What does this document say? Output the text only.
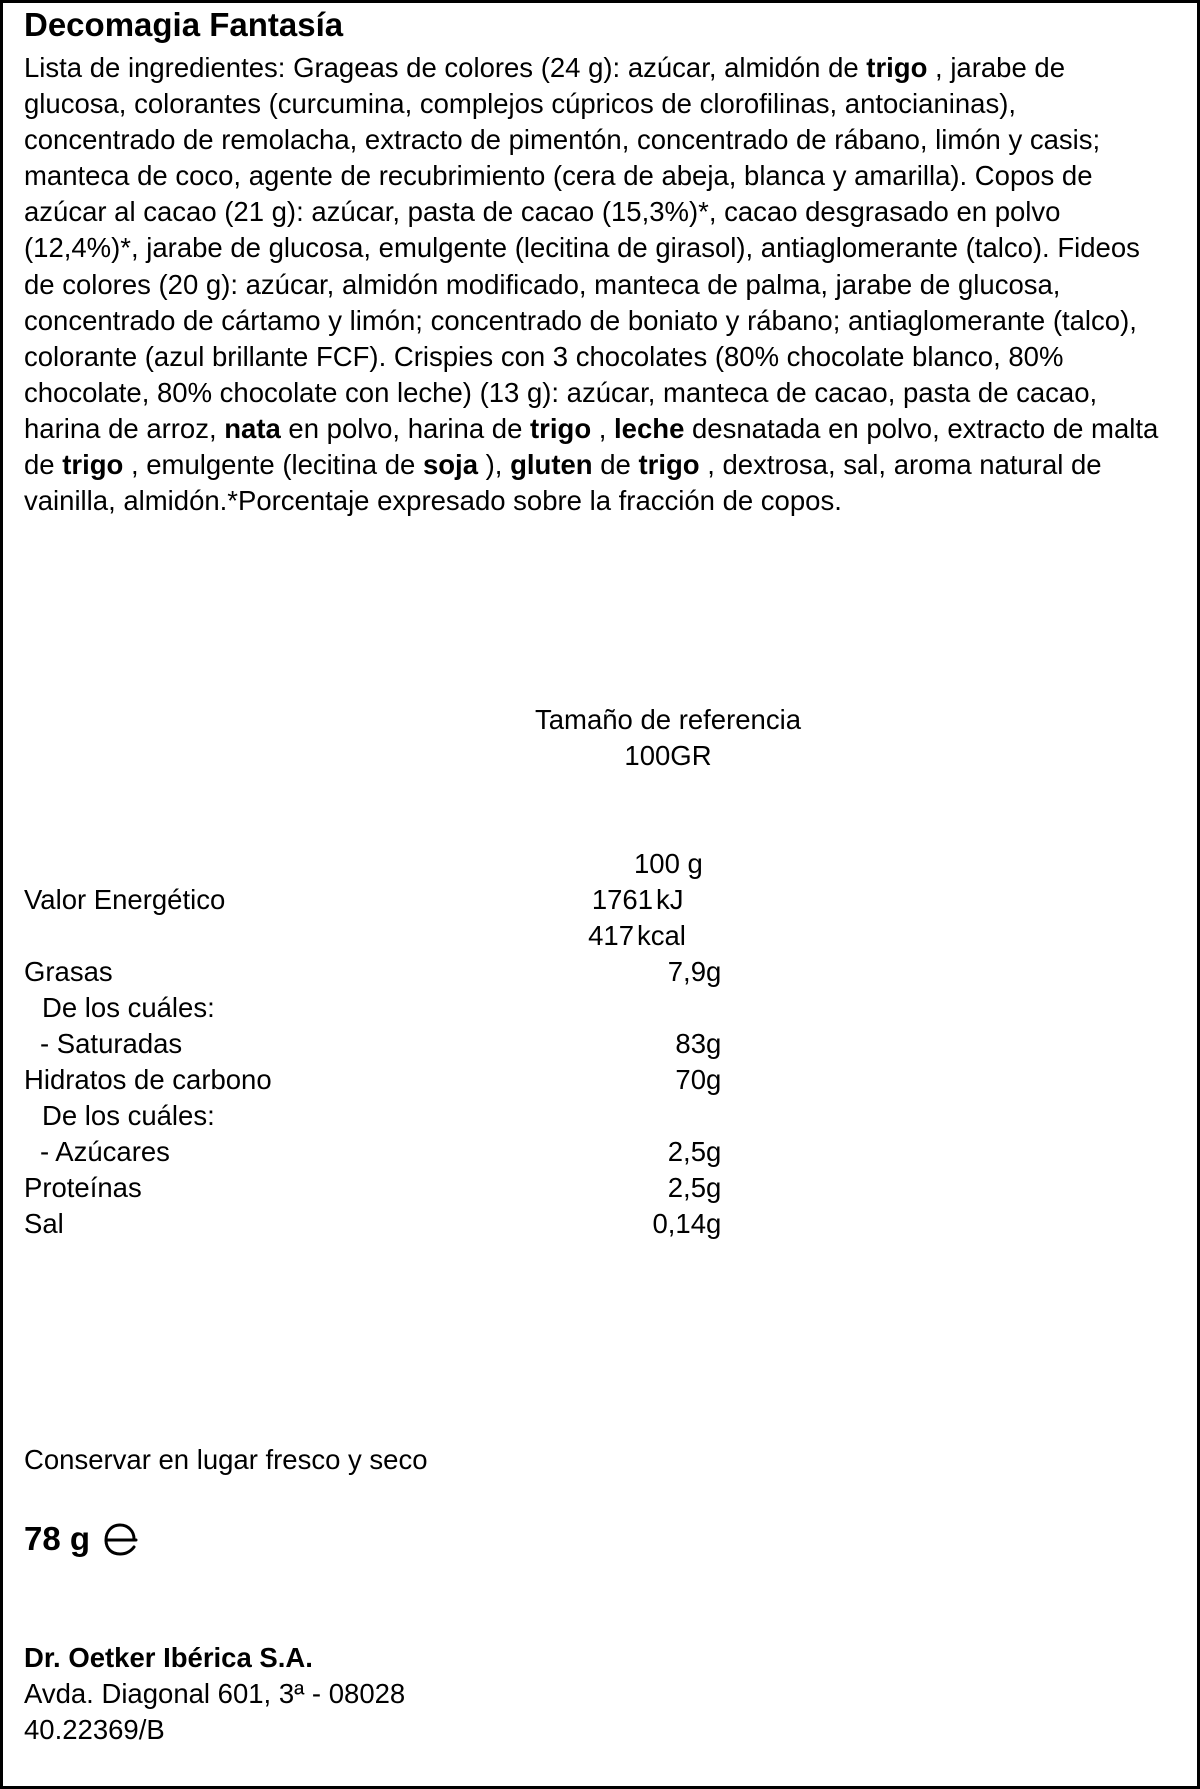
Decomagia Fantasía
Lista de ingredientes: Grageas de colores (24 g): azúcar, almidón de trigo , jarabe de glucosa, colorantes (curcumina, complejos cúpricos de clorofilinas, antocianinas), concentrado de remolacha, extracto de pimentón, concentrado de rábano, limón y casis; manteca de coco, agente de recubrimiento (cera de abeja, blanca y amarilla). Copos de azúcar al cacao (21 g): azúcar, pasta de cacao (15,3%)*, cacao desgrasado en polvo (12,4%)*, jarabe de glucosa, emulgente (lecitina de girasol), antiaglomerante (talco). Fideos de colores (20 g): azúcar, almidón modificado, manteca de palma, jarabe de glucosa, concentrado de cártamo y limón; concentrado de boniato y rábano; antiaglomerante (talco), colorante (azul brillante FCF). Crispies con 3 chocolates (80% chocolate blanco, 80% chocolate, 80% chocolate con leche) (13 g): azúcar, manteca de cacao, pasta de cacao, harina de arroz, nata en polvo, harina de trigo , leche desnatada en polvo, extracto de malta de trigo , emulgente (lecitina de soja ), gluten de trigo , dextrosa, sal, aroma natural de vainilla, almidón.*Porcentaje expresado sobre la fracción de copos.
Tamaño de referencia
100GR
100 g
Valor Energético	1761 kJ
417 kcal
Grasas	7,9 g
De los cuáles:
- Saturadas	83 g
Hidratos de carbono	70 g
De los cuáles:
- Azúcares	2,5 g
Proteínas	2,5 g
Sal	0,14 g
Conservar en lugar fresco y seco
78 g
Dr. Oetker Ibérica S.A.
Avda. Diagonal 601, 3ª - 08028
40.22369/B
